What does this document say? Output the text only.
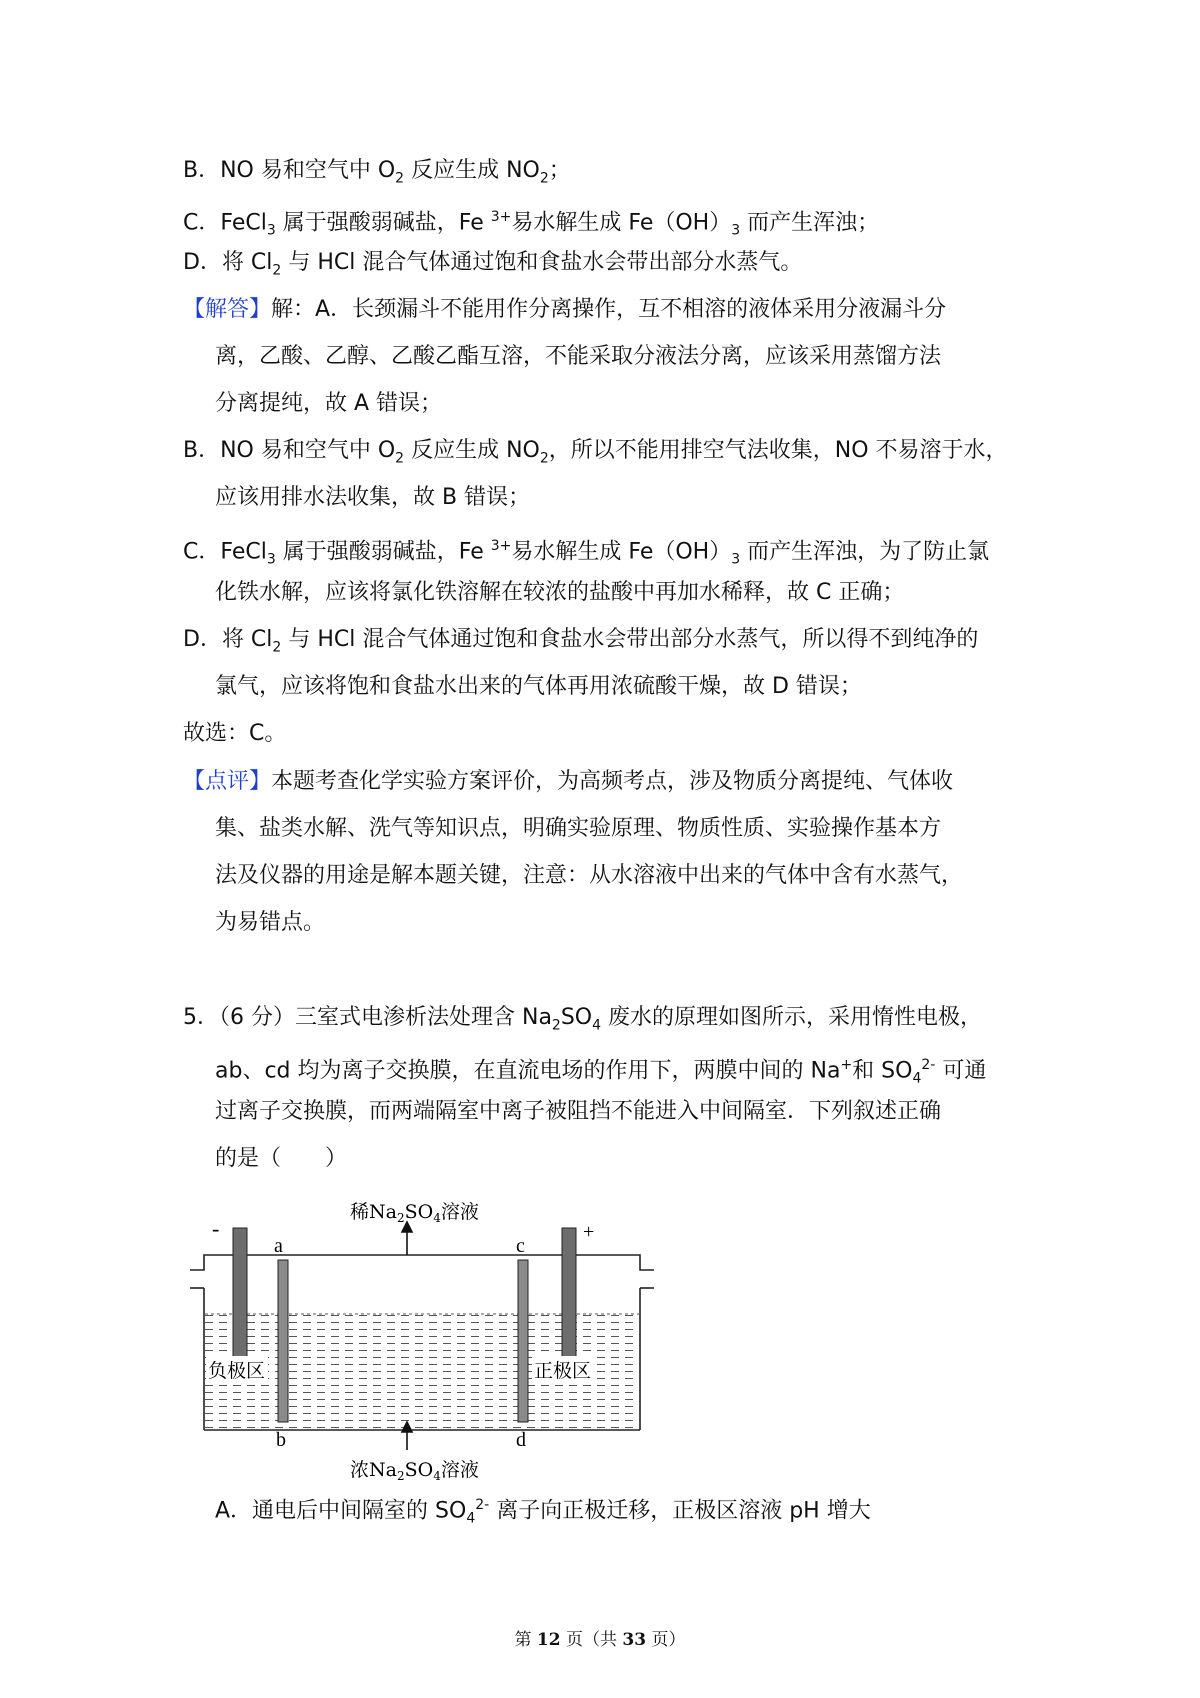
B．NO 易和空气中 $O_2$ 反应生成 $NO_2$；
C．FeCl$_3$ 属于强酸弱碱盐，Fe $^{3+}$易水解生成 $Fe(OH)_3$ 而产生浑浊；
D．将 $Cl_2$ 与 HCl 混合气体通过饱和食盐水会带出部分水蒸气。
【解答】解：A．长颈漏斗不能用作分离操作，互不相溶的液体采用分液漏斗分
离，乙酸、乙醇、乙酸乙酯互溶，不能采取分液法分离，应该采用蒸馏方法
分离提纯，故 A 错误；
B．NO 易和空气中 $O_2$ 反应生成 $NO_2$，所以不能用排空气法收集，NO 不易溶于水，
应该用排水法收集，故 B 错误；
C．FeCl$_3$ 属于强酸弱碱盐，Fe $^{3+}$易水解生成 $Fe(OH)_3$ 而产生浑浊，为了防止氯
化铁水解，应该将氯化铁溶解在较浓的盐酸中再加水稀释，故 C 正确；
D．将 $Cl_2$ 与 HCl 混合气体通过饱和食盐水会带出部分水蒸气，所以得不到纯净的
氯气，应该将饱和食盐水出来的气体再用浓硫酸干燥，故 D 错误；
故选：C。
【点评】本题考查化学实验方案评价，为高频考点，涉及物质分离提纯、气体收
集、盐类水解、洗气等知识点，明确实验原理、物质性质、实验操作基本方
法及仪器的用途是解本题关键，注意：从水溶液中出来的气体中含有水蒸气，
为易错点。
5．（6 分）三室式电渗析法处理含 $Na_2SO_4$ 废水的原理如图所示，采用惰性电极，
ab、cd 均为离子交换膜，在直流电场的作用下，两膜中间的 Na+和 $SO_4^{2-}$ 可通
过离子交换膜，而两端隔室中离子被阻挡不能进入中间隔室．下列叙述正确
的是（　　）
-	+
a	c
b	d
负极区	正极区
稀$Na_2SO_4$溶液
浓$Na_2SO_4$溶液
A．通电后中间隔室的 $SO_4^{2-}$ 离子向正极迁移，正极区溶液 pH 增大
第 12 页（共 33 页）
